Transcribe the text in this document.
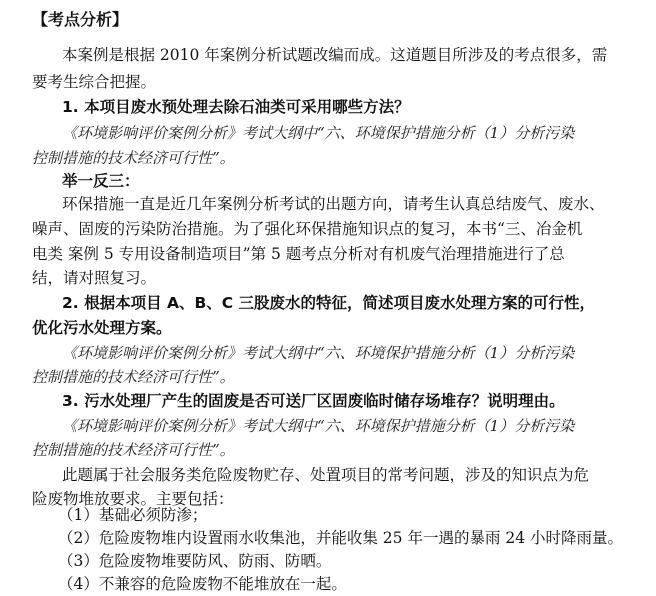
【考点分析】
本案例是根据 2010 年案例分析试题改编而成。这道题目所涉及的考点很多，需
要考生综合把握。
1. 本项目废水预处理去除石油类可采用哪些方法？
《环境影响评价案例分析》考试大纲中“六、环境保护措施分析（1）分析污染
控制措施的技术经济可行性”。
举一反三：
环保措施一直是近几年案例分析考试的出题方向，请考生认真总结废气、废水、
噪声、固废的污染防治措施。为了强化环保措施知识点的复习，本书“三、冶金机
电类 案例 5 专用设备制造项目”第 5 题考点分析对有机废气治理措施进行了总
结，请对照复习。
2. 根据本项目 A、B、C 三股废水的特征，简述项目废水处理方案的可行性，
优化污水处理方案。
《环境影响评价案例分析》考试大纲中“六、环境保护措施分析（1）分析污染
控制措施的技术经济可行性”。
3. 污水处理厂产生的固废是否可送厂区固废临时储存场堆存？说明理由。
《环境影响评价案例分析》考试大纲中“六、环境保护措施分析（1）分析污染
控制措施的技术经济可行性”。
此题属于社会服务类危险废物贮存、处置项目的常考问题，涉及的知识点为危
险废物堆放要求。主要包括：
（1）基础必须防渗；
（2）危险废物堆内设置雨水收集池，并能收集 25 年一遇的暴雨 24 小时降雨量。
（3）危险废物堆要防风、防雨、防晒。
（4）不兼容的危险废物不能堆放在一起。
